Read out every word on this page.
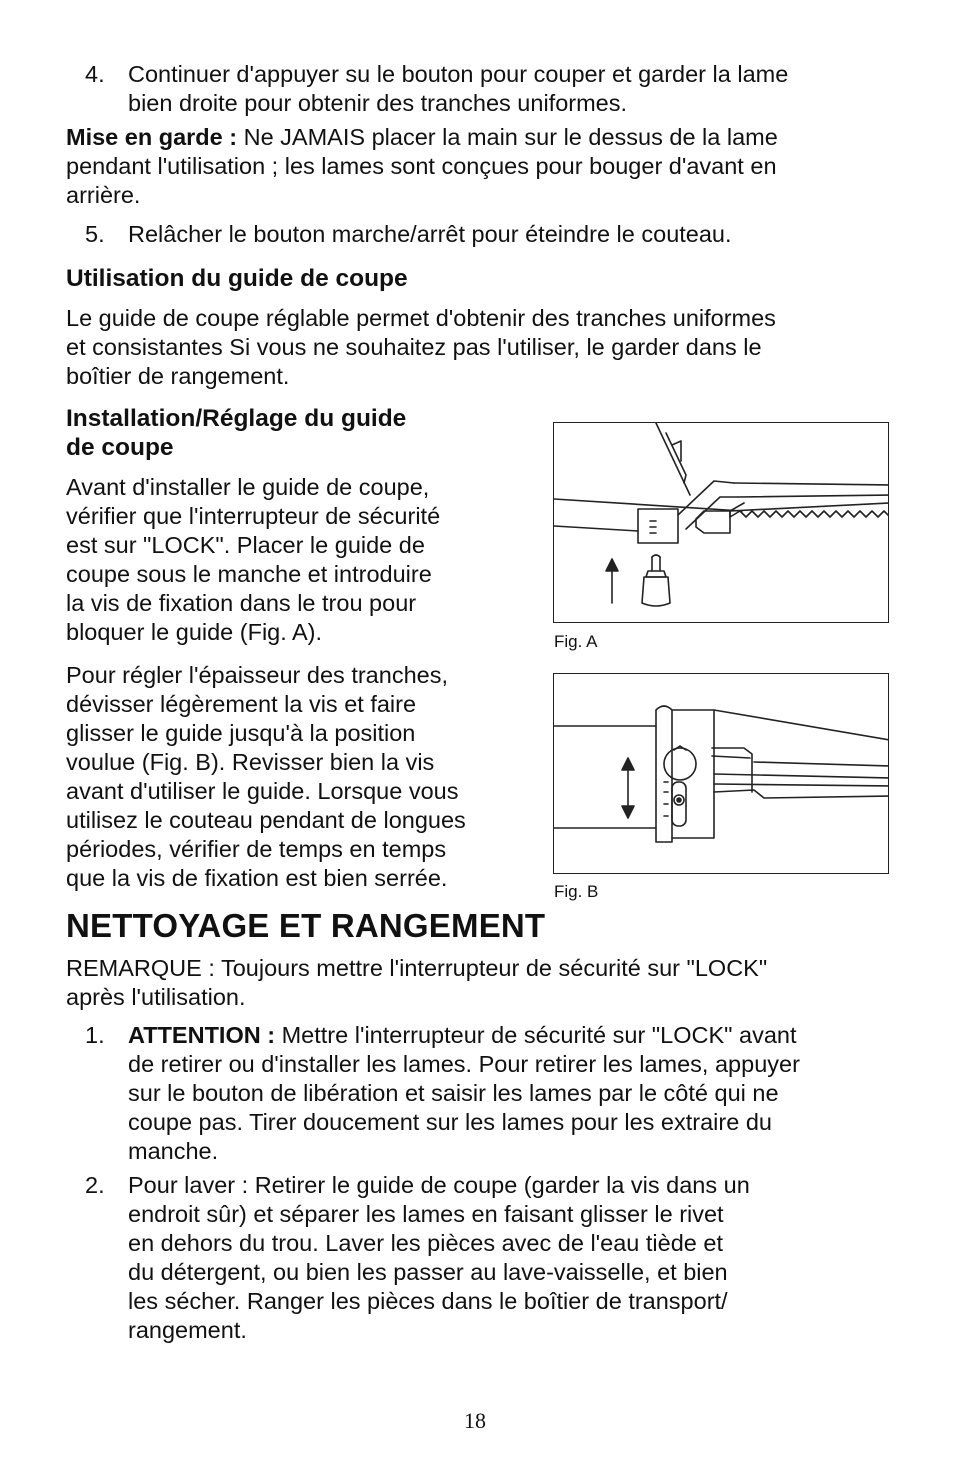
4. Continuer d'appuyer su le bouton pour couper et garder la lame
bien droite pour obtenir des tranches uniformes.
Mise en garde : Ne JAMAIS placer la main sur le dessus de la lame
pendant l'utilisation ; les lames sont conçues pour bouger d'avant en
arrière.
5. Relâcher le bouton marche/arrêt pour éteindre le couteau.
Utilisation du guide de coupe
Le guide de coupe réglable permet d'obtenir des tranches uniformes
et consistantes Si vous ne souhaitez pas l'utiliser, le garder dans le
boîtier de rangement.
Installation/Réglage du guide
de coupe
Avant d'installer le guide de coupe,
vérifier que l'interrupteur de sécurité
est sur "LOCK". Placer le guide de
coupe sous le manche et introduire
la vis de fixation dans le trou pour
bloquer le guide (Fig. A).
Pour régler l'épaisseur des tranches,
dévisser légèrement la vis et faire
glisser le guide jusqu'à la position
voulue (Fig. B). Revisser bien la vis
avant d'utiliser le guide. Lorsque vous
utilisez le couteau pendant de longues
périodes, vérifier de temps en temps
que la vis de fixation est bien serrée.
Fig. A
Fig. B
NETTOYAGE ET RANGEMENT
REMARQUE : Toujours mettre l'interrupteur de sécurité sur "LOCK"
après l'utilisation.
1. ATTENTION : Mettre l'interrupteur de sécurité sur "LOCK" avant
de retirer ou d'installer les lames. Pour retirer les lames, appuyer
sur le bouton de libération et saisir les lames par le côté qui ne
coupe pas. Tirer doucement sur les lames pour les extraire du
manche.
2. Pour laver : Retirer le guide de coupe (garder la vis dans un
endroit sûr) et séparer les lames en faisant glisser le rivet
en dehors du trou. Laver les pièces avec de l'eau tiède et
du détergent, ou bien les passer au lave-vaisselle, et bien
les sécher. Ranger les pièces dans le boîtier de transport/
rangement.
18
